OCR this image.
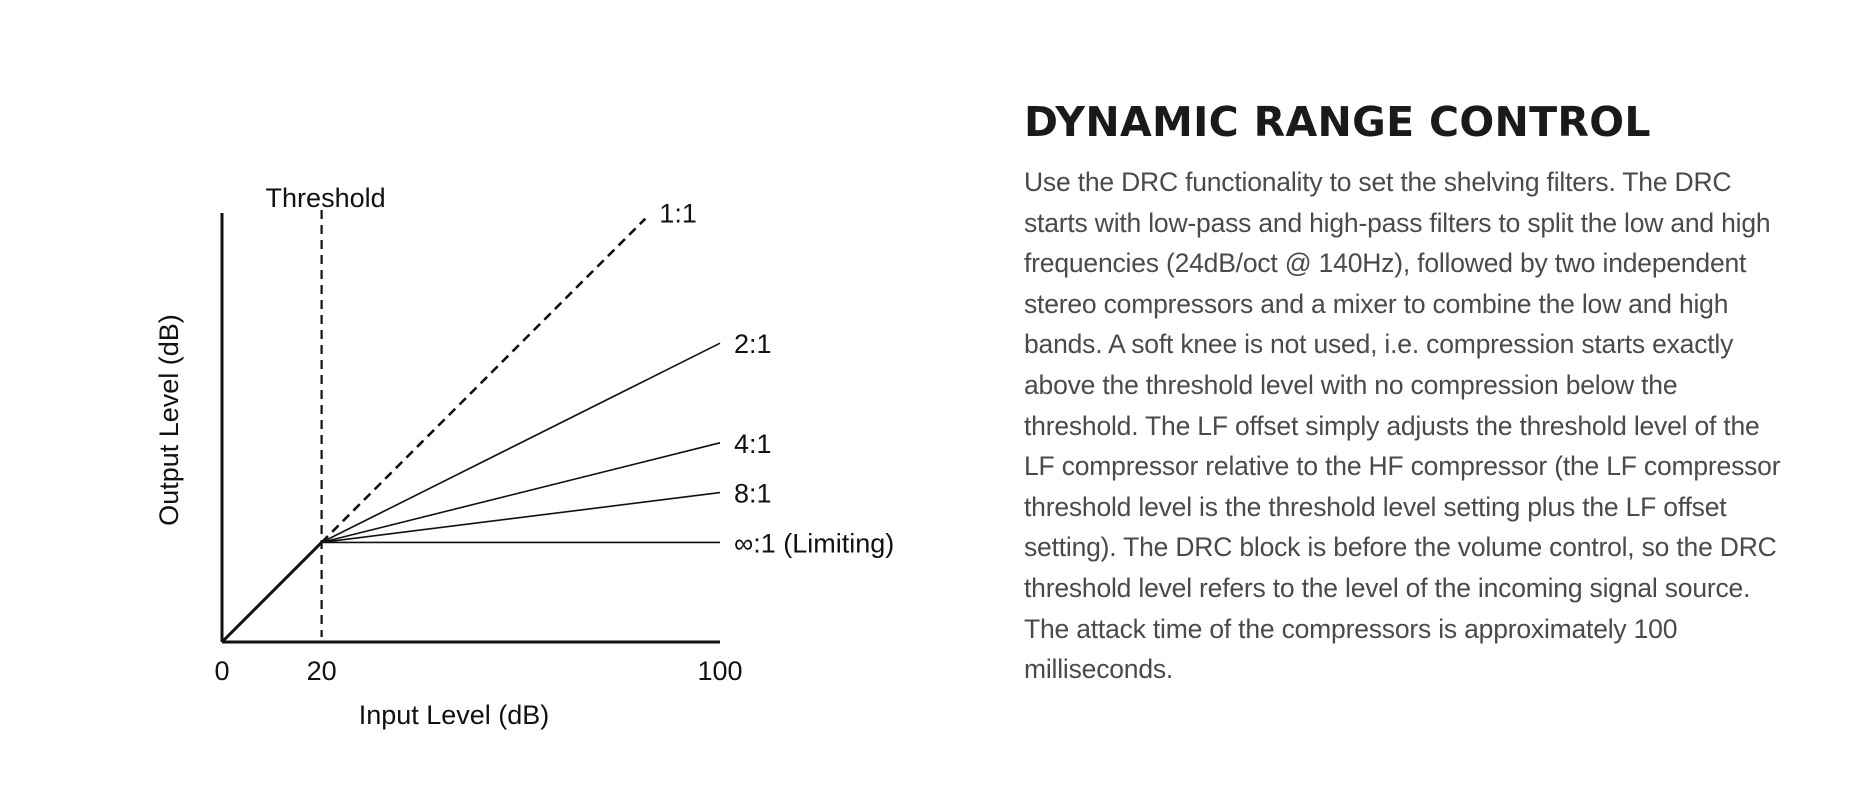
Threshold
1:1
2:1
4:1
8:1
∞:1 (Limiting)
0	20	100
Input Level (dB)
Output Level (dB)
DYNAMIC RANGE CONTROL

Use the DRC functionality to set the shelving filters. The DRC starts with low-pass and high-pass filters to split the low and high frequencies (24dB/oct @ 140Hz), followed by two independent stereo compressors and a mixer to combine the low and high bands. A soft knee is not used, i.e. compression starts exactly above the threshold level with no compression below the threshold. The LF offset simply adjusts the threshold level of the LF compressor relative to the HF compressor (the LF compressor threshold level is the threshold level setting plus the LF offset setting). The DRC block is before the volume control, so the DRC threshold level refers to the level of the incoming signal source. The attack time of the compressors is approximately 100 milliseconds.
